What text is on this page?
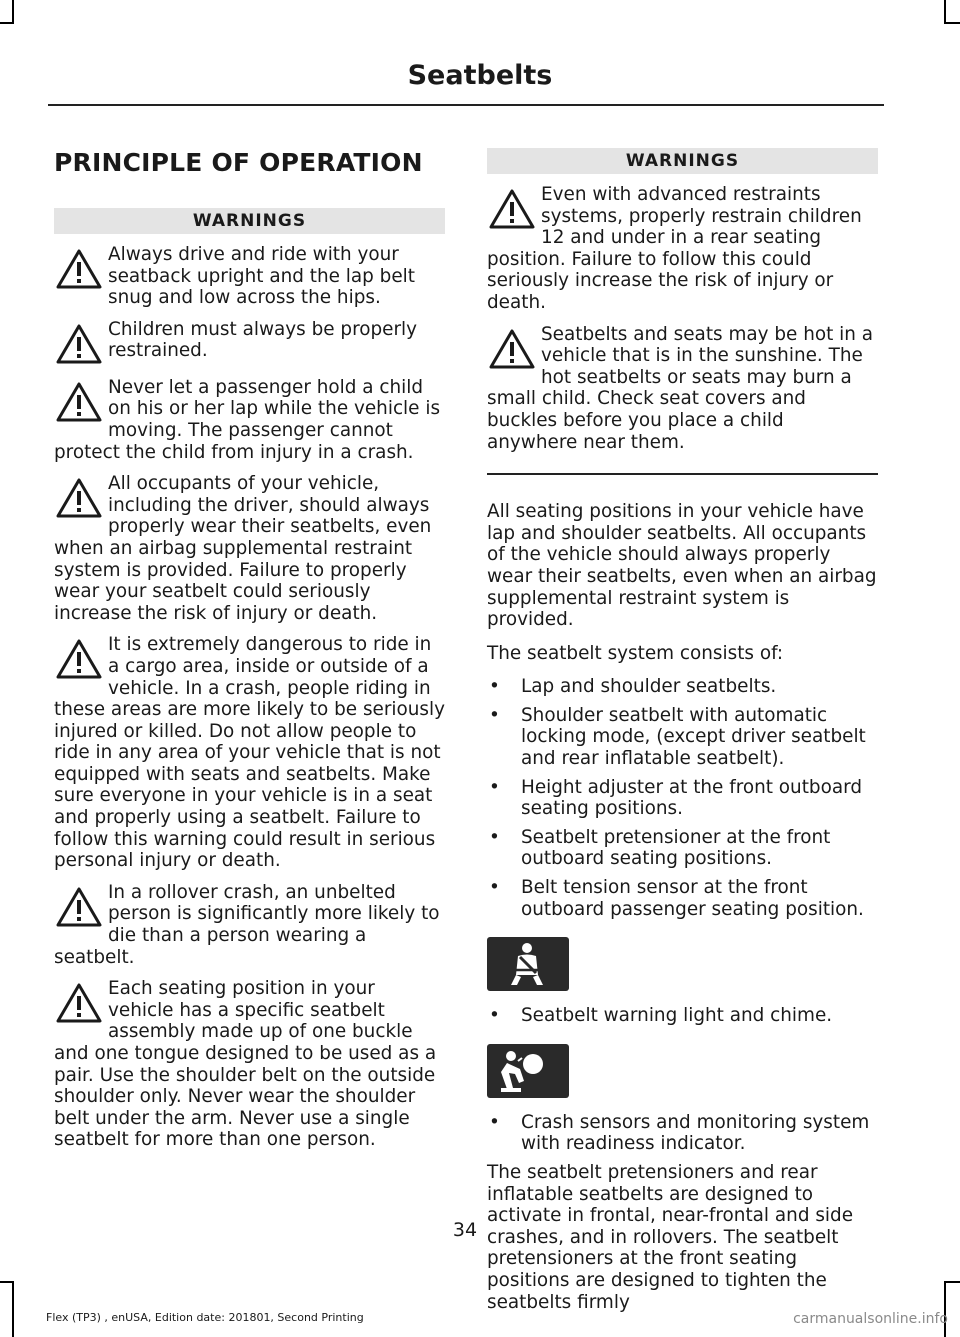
Seatbelts
PRINCIPLE OF OPERATION
WARNINGS

Always drive and ride with your seatback upright and the lap belt snug and low across the hips.

Children must always be properly restrained.

Never let a passenger hold a child on his or her lap while the vehicle is moving. The passenger cannot protect the child from injury in a crash.

All occupants of your vehicle, including the driver, should always properly wear their seatbelts, even when an airbag supplemental restraint system is provided. Failure to properly wear your seatbelt could seriously increase the risk of injury or death.

It is extremely dangerous to ride in a cargo area, inside or outside of a vehicle. In a crash, people riding in these areas are more likely to be seriously injured or killed. Do not allow people to ride in any area of your vehicle that is not equipped with seats and seatbelts. Make sure everyone in your vehicle is in a seat and properly using a seatbelt. Failure to follow this warning could result in serious personal injury or death.

In a rollover crash, an unbelted person is significantly more likely to die than a person wearing a seatbelt.

Each seating position in your vehicle has a specific seatbelt assembly made up of one buckle and one tongue designed to be used as a pair. Use the shoulder belt on the outside shoulder only. Never wear the shoulder belt under the arm. Never use a single seatbelt for more than one person.

WARNINGS

Even with advanced restraints systems, properly restrain children 12 and under in a rear seating position. Failure to follow this could seriously increase the risk of injury or death.

Seatbelts and seats may be hot in a vehicle that is in the sunshine. The hot seatbelts or seats may burn a small child. Check seat covers and buckles before you place a child anywhere near them.

All seating positions in your vehicle have lap and shoulder seatbelts. All occupants of the vehicle should always properly wear their seatbelts, even when an airbag supplemental restraint system is provided.

The seatbelt system consists of:

• Lap and shoulder seatbelts.
• Shoulder seatbelt with automatic locking mode, (except driver seatbelt and rear inflatable seatbelt).
• Height adjuster at the front outboard seating positions.
• Seatbelt pretensioner at the front outboard seating positions.
• Belt tension sensor at the front outboard passenger seating position.
• Seatbelt warning light and chime.
• Crash sensors and monitoring system with readiness indicator.

The seatbelt pretensioners and rear inflatable seatbelts are designed to activate in frontal, near-frontal and side crashes, and in rollovers. The seatbelt pretensioners at the front seating positions are designed to tighten the seatbelts firmly

34

Flex (TP3) , enUSA, Edition date: 201801, Second Printing	carmanualsonline.info
